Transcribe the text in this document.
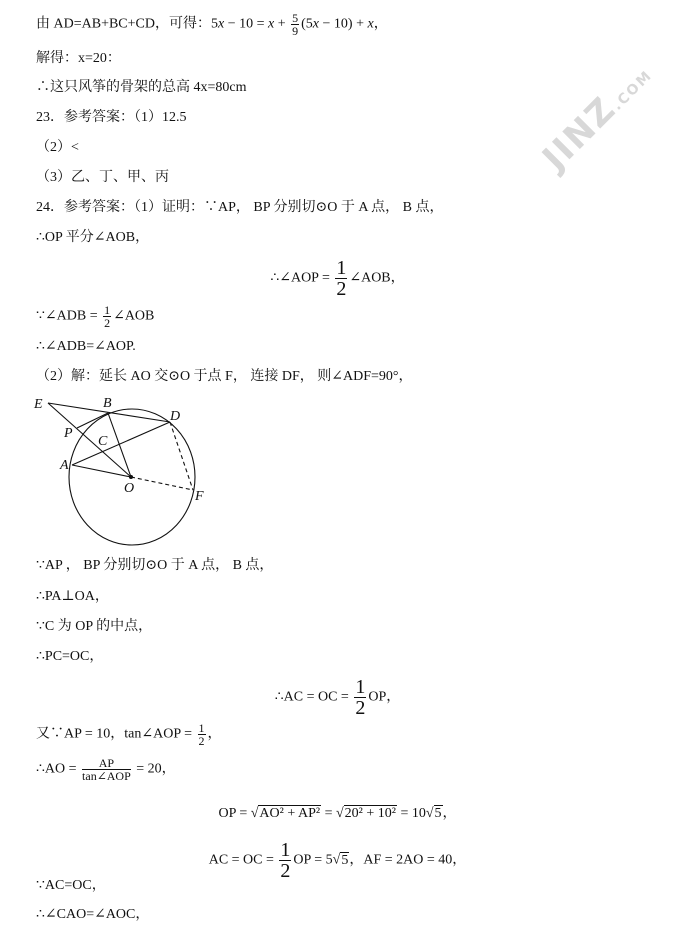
JINZ.COM
由 AD=AB+BC+CD，可得：$5x - 10 = x + \frac{5}{9} (5x - 10) + x$，
解得：x=20：
∴这只风筝的骨架的总高 4x=80cm
23．参考答案：（1）12.5
（2）<
（3）乙、丁、甲、丙
24．参考答案：（1）证明：∵AP， BP 分别切⊙O 于 A 点， B 点，
∴OP 平分∠AOB，
∴∠AOP = $\frac{1}{2}$ ∠AOB，
∵∠ADB = $\frac{1}{2}$ ∠AOB
∴∠ADB=∠AOP.
（2）解：延长 AO 交⊙O 于点 F， 连接 DF， 则∠ADF=90°，
E	B
D
P
C
A
O
F
∵AP ， BP 分别切⊙O 于 A 点， B 点，
∴PA⊥OA，
∵C 为 OP 的中点，
∴PC=OC，
∴AC = OC = $\frac{1}{2}$ OP，
又∵AP = 10，tan∠AOP = $\frac{1}{2}$ ，
∴AO = $\frac{AP}{\text{tan∠AOP}} = 20$，
OP = √AO² + AP² = √20² + 10² = 10√5，
AC = OC = $\frac{1}{2}$ OP = 5√5，AF = 2AO = 40，
∵AC=OC，
∴∠CAO=∠AOC，
